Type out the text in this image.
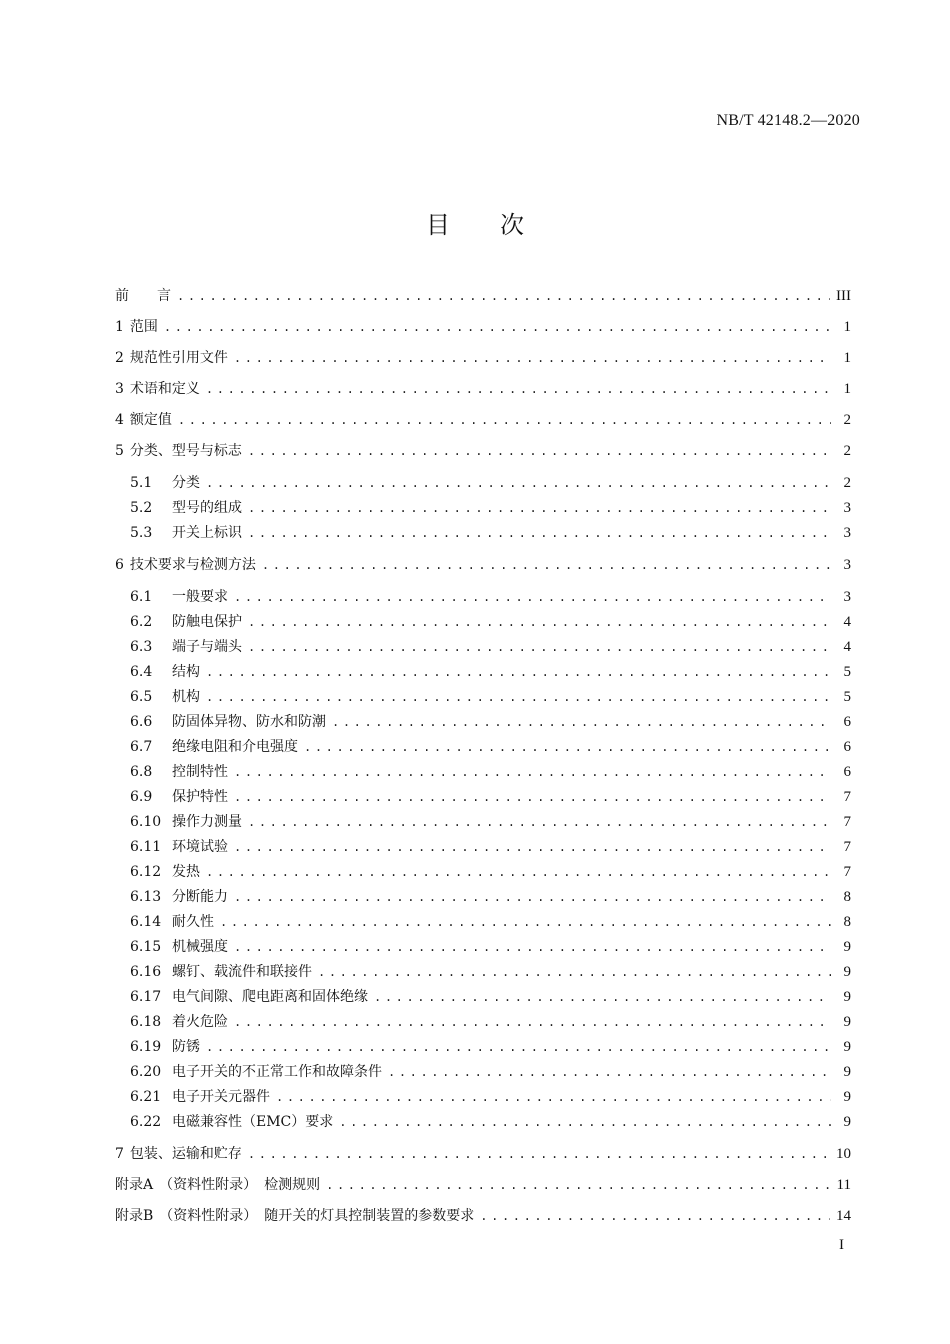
NB/T 42148.2—2020
目次
前　　言 .....	III
1 范围 .....	1
2 规范性引用文件 .....	1
3 术语和定义 .....	1
4 额定值 .....	2
5 分类、型号与标志 .....	2
5.1	分类 .....	2
5.2	型号的组成 .....	3
5.3	开关上标识 .....	3
6 技术要求与检测方法 .....	3
6.1	一般要求 .....	3
6.2	防触电保护 .....	4
6.3	端子与端头 .....	4
6.4	结构 .....	5
6.5	机构 .....	5
6.6	防固体异物、防水和防潮 .....	6
6.7	绝缘电阻和介电强度 .....	6
6.8	控制特性 .....	6
6.9	保护特性 .....	7
6.10 操作力测量 .....	7
6.11 环境试验 .....	7
6.12 发热 .....	7
6.13 分断能力 .....	8
6.14 耐久性 .....	8
6.15 机械强度 .....	9
6.16 螺钉、载流件和联接件 .....	9
6.17 电气间隙、爬电距离和固体绝缘 .....	9
6.18 着火危险 .....	9
6.19 防锈 .....	9
6.20 电子开关的不正常工作和故障条件 .....	9
6.21 电子开关元器件 .....	9
6.22 电磁兼容性（EMC）要求 .....	9
7 包装、运输和贮存 .....	10
附录A （资料性附录）　检测规则 .....	11
附录B （资料性附录）　随开关的灯具控制装置的参数要求 .....	14
I
